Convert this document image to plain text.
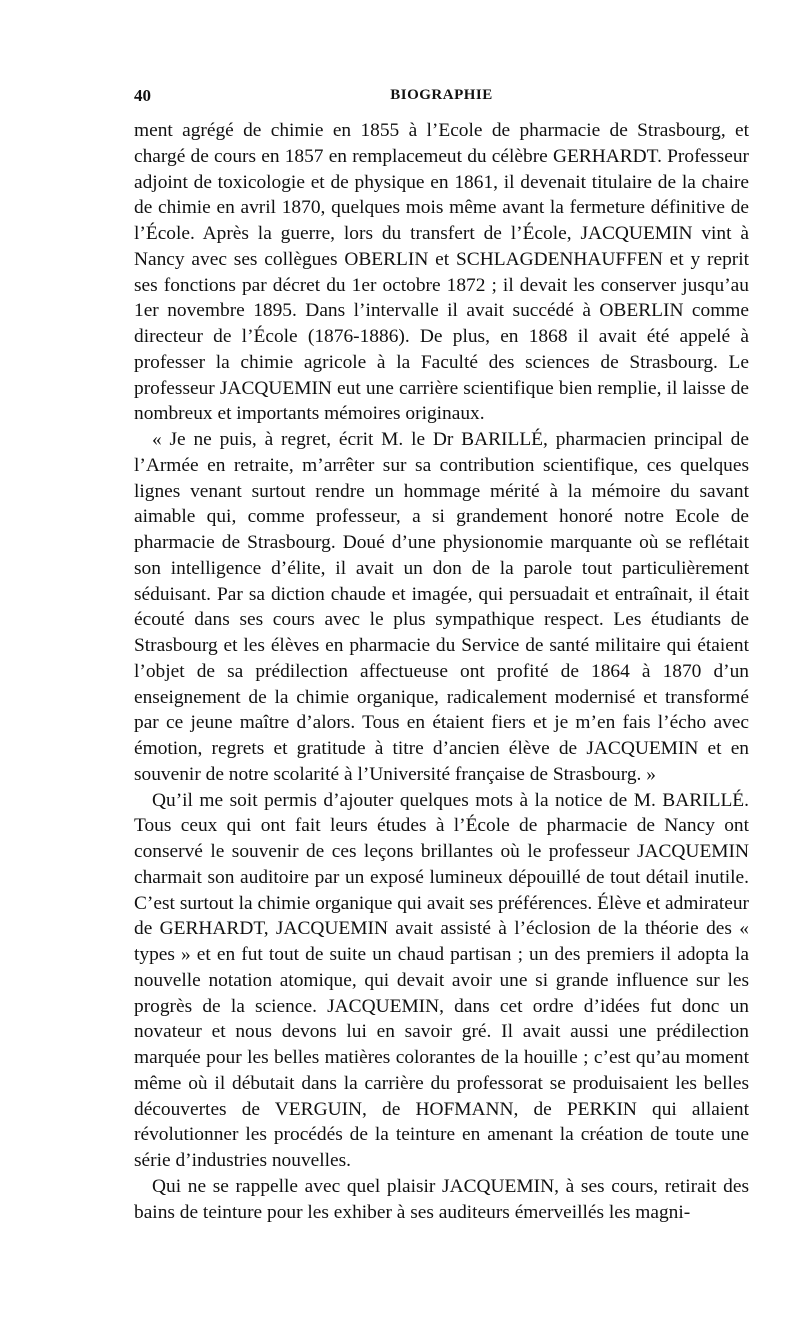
40	BIOGRAPHIE

ment agrégé de chimie en 1855 à l’Ecole de pharmacie de Strasbourg, et chargé de cours en 1857 en remplacemeut du célèbre GERHARDT. Professeur adjoint de toxicologie et de physique en 1861, il devenait titulaire de la chaire de chimie en avril 1870, quelques mois même avant la fermeture définitive de l’École. Après la guerre, lors du transfert de l’École, JACQUEMIN vint à Nancy avec ses collègues OBERLIN et SCHLAGDENHAUFFEN et y reprit ses fonctions par décret du 1er octobre 1872 ; il devait les conserver jusqu’au 1er novembre 1895. Dans l’intervalle il avait succédé à OBERLIN comme directeur de l’École (1876-1886). De plus, en 1868 il avait été appelé à professer la chimie agricole à la Faculté des sciences de Strasbourg. Le professeur JACQUEMIN eut une carrière scientifique bien remplie, il laisse de nombreux et importants mémoires originaux.

« Je ne puis, à regret, écrit M. le Dr BARILLÉ, pharmacien principal de l’Armée en retraite, m’arrêter sur sa contribution scientifique, ces quelques lignes venant surtout rendre un hommage mérité à la mémoire du savant aimable qui, comme professeur, a si grandement honoré notre Ecole de pharmacie de Strasbourg. Doué d’une physionomie marquante où se reflétait son intelligence d’élite, il avait un don de la parole tout particulièrement séduisant. Par sa diction chaude et imagée, qui persuadait et entraînait, il était écouté dans ses cours avec le plus sympathique respect. Les étudiants de Strasbourg et les élèves en pharmacie du Service de santé militaire qui étaient l’objet de sa prédilection affectueuse ont profité de 1864 à 1870 d’un enseignement de la chimie organique, radicalement modernisé et transformé par ce jeune maître d’alors. Tous en étaient fiers et je m’en fais l’écho avec émotion, regrets et gratitude à titre d’ancien élève de JACQUEMIN et en souvenir de notre scolarité à l’Université française de Strasbourg. »

Qu’il me soit permis d’ajouter quelques mots à la notice de M. BARILLÉ. Tous ceux qui ont fait leurs études à l’École de pharmacie de Nancy ont conservé le souvenir de ces leçons brillantes où le professeur JACQUEMIN charmait son auditoire par un exposé lumineux dépouillé de tout détail inutile. C’est surtout la chimie organique qui avait ses préférences. Élève et admirateur de GERHARDT, JACQUEMIN avait assisté à l’éclosion de la théorie des « types » et en fut tout de suite un chaud partisan ; un des premiers il adopta la nouvelle notation atomique, qui devait avoir une si grande influence sur les progrès de la science. JACQUEMIN, dans cet ordre d’idées fut donc un novateur et nous devons lui en savoir gré. Il avait aussi une prédilection marquée pour les belles matières colorantes de la houille ; c’est qu’au moment même où il débutait dans la carrière du professorat se produisaient les belles découvertes de VERGUIN, de HOFMANN, de PERKIN qui allaient révolutionner les procédés de la teinture en amenant la création de toute une série d’industries nouvelles.

Qui ne se rappelle avec quel plaisir JACQUEMIN, à ses cours, retirait des bains de teinture pour les exhiber à ses auditeurs émerveillés les magni-
